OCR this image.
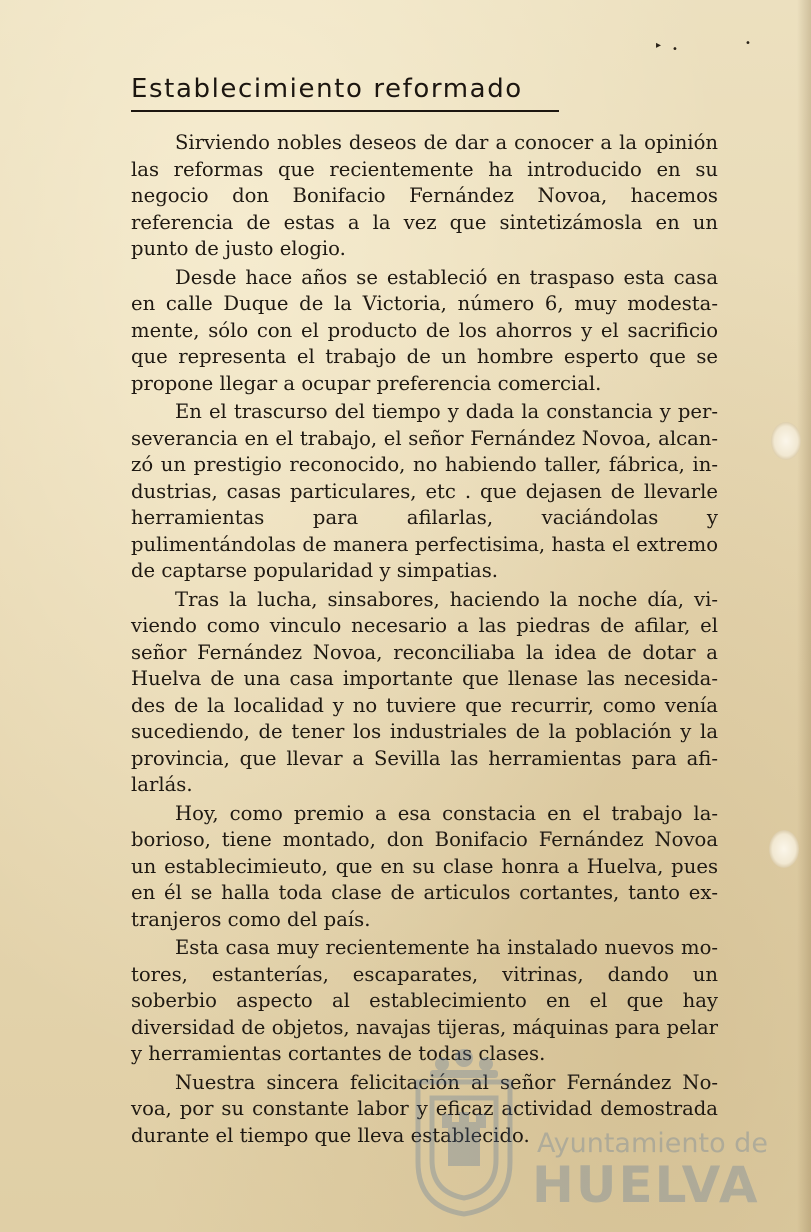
▸ •
•
Establecimiento reformado

Sirviendo nobles deseos de dar a conocer a la opinión las reformas que recientemente ha introducido en su negocio don Bonifacio Fernández Novoa, hacemos referencia de estas a la vez que sintetizámosla en un punto de justo elogio.

Desde hace años se estableció en traspaso esta casa en calle Duque de la Victoria, número 6, muy modestamente, sólo con el producto de los ahorros y el sacrificio que representa el trabajo de un hombre esperto que se propone llegar a ocupar preferencia comercial.

En el trascurso del tiempo y dada la constancia y perseverancia en el trabajo, el señor Fernández Novoa, alcanzó un prestigio reconocido, no habiendo taller, fábrica, industrias, casas particulares, etc . que dejasen de llevarle herramientas para afilarlas, vaciándolas y pulimentándolas de manera perfectisima, hasta el extremo de captarse popularidad y simpatias.

Tras la lucha, sinsabores, haciendo la noche día, viviendo como vinculo necesario a las piedras de afilar, el señor Fernández Novoa, reconciliaba la idea de dotar a Huelva de una casa importante que llenase las necesidades de la localidad y no tuviere que recurrir, como venía sucediendo, de tener los industriales de la población y la provincia, que llevar a Sevilla las herramientas para afilarlás.

Hoy, como premio a esa constacia en el trabajo laborioso, tiene montado, don Bonifacio Fernández Novoa un establecimieuto, que en su clase honra a Huelva, pues en él se halla toda clase de articulos cortantes, tanto extranjeros como del país.

Esta casa muy recientemente ha instalado nuevos motores, estanterías, escaparates, vitrinas, dando un soberbio aspecto al establecimiento en el que hay diversidad de objetos, navajas tijeras, máquinas para pelar y herramientas cortantes de todas clases.

Nuestra sincera felicitación al señor Fernández Novoa, por su constante labor y eficaz actividad demostrada durante el tiempo que lleva establecido. Ayuntamiento de
HUELVA
